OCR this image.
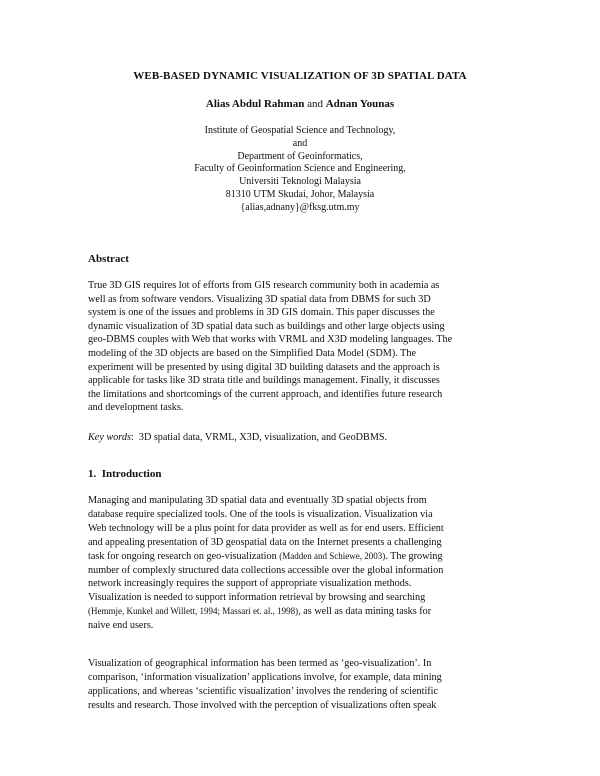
WEB-BASED DYNAMIC VISUALIZATION OF 3D SPATIAL DATA
Alias Abdul Rahman and Adnan Younas
Institute of Geospatial Science and Technology,
and
Department of Geoinformatics,
Faculty of Geoinformation Science and Engineering,
Universiti Teknologi Malaysia
81310 UTM Skudai, Johor, Malaysia
{alias,adnany}@fksg.utm.my
Abstract
True 3D GIS requires lot of efforts from GIS research community both in academia as
well as from software vendors. Visualizing 3D spatial data from DBMS for such 3D
system is one of the issues and problems in 3D GIS domain. This paper discusses the
dynamic visualization of 3D spatial data such as buildings and other large objects using
geo-DBMS couples with Web that works with VRML and X3D modeling languages. The
modeling of the 3D objects are based on the Simplified Data Model (SDM). The
experiment will be presented by using digital 3D building datasets and the approach is
applicable for tasks like 3D strata title and buildings management. Finally, it discusses
the limitations and shortcomings of the current approach, and identifies future research
and development tasks.
Key words:  3D spatial data, VRML, X3D, visualization, and GeoDBMS.
1.  Introduction
Managing and manipulating 3D spatial data and eventually 3D spatial objects from
database require specialized tools. One of the tools is visualization. Visualization via
Web technology will be a plus point for data provider as well as for end users. Efficient
and appealing presentation of 3D geospatial data on the Internet presents a challenging
task for ongoing research on geo-visualization (Madden and Schiewe, 2003). The growing
number of complexly structured data collections accessible over the global information
network increasingly requires the support of appropriate visualization methods.
Visualization is needed to support information retrieval by browsing and searching
(Hemmje, Kunkel and Willett, 1994; Massari et. al., 1998), as well as data mining tasks for
naive end users.
Visualization of geographical information has been termed as ‘geo-visualization’. In
comparison, ‘information visualization’ applications involve, for example, data mining
applications, and whereas ‘scientific visualization’ involves the rendering of scientific
results and research. Those involved with the perception of visualizations often speak
